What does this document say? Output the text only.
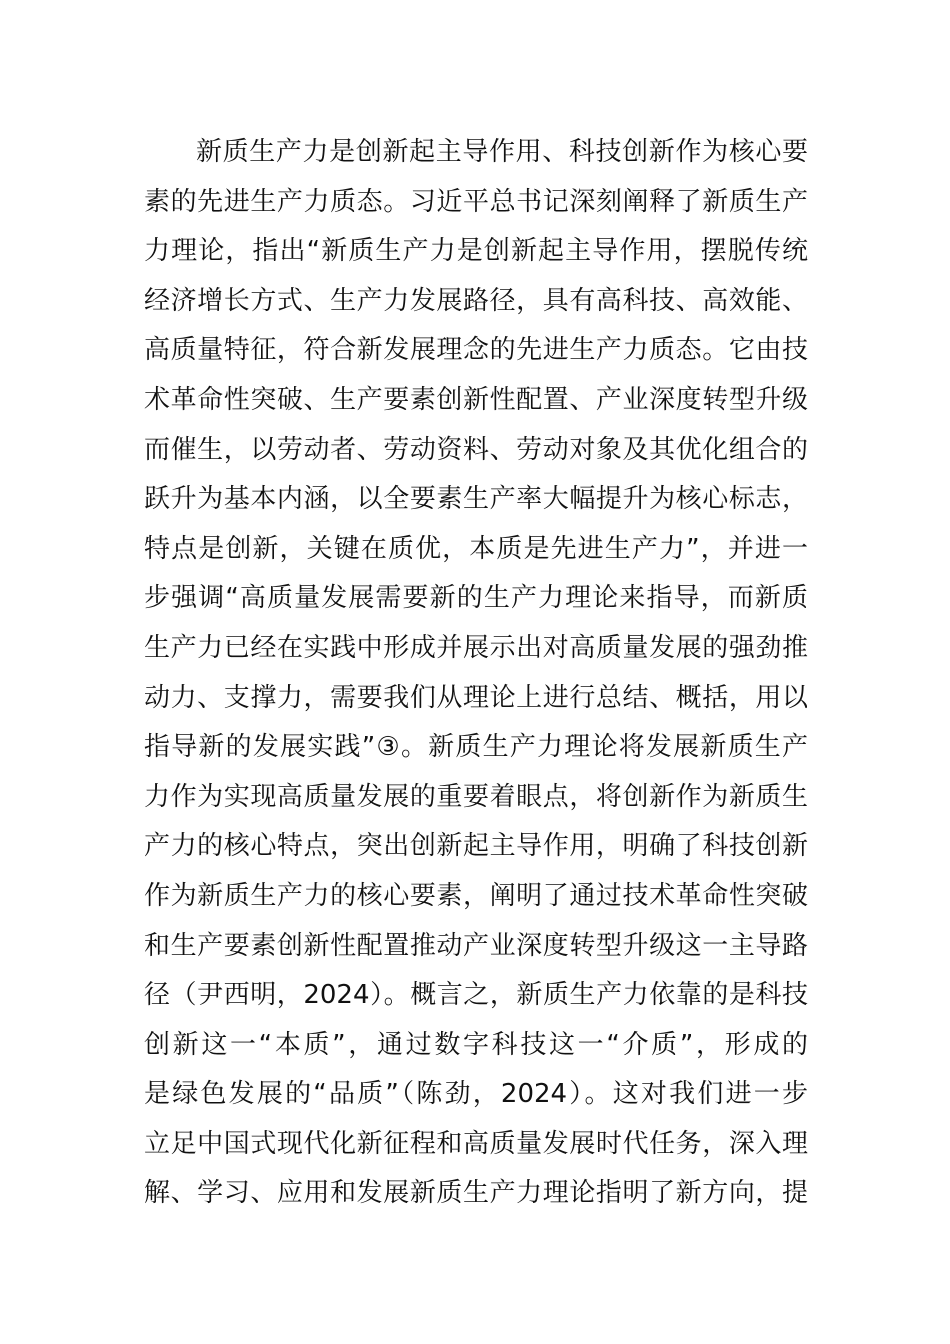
新质生产力是创新起主导作用、科技创新作为核心要
素的先进生产力质态。习近平总书记深刻阐释了新质生产
力理论，指出“新质生产力是创新起主导作用，摆脱传统
经济增长方式、生产力发展路径，具有高科技、高效能、
高质量特征，符合新发展理念的先进生产力质态。它由技
术革命性突破、生产要素创新性配置、产业深度转型升级
而催生，以劳动者、劳动资料、劳动对象及其优化组合的
跃升为基本内涵，以全要素生产率大幅提升为核心标志，
特点是创新，关键在质优，本质是先进生产力”，并进一
步强调“高质量发展需要新的生产力理论来指导，而新质
生产力已经在实践中形成并展示出对高质量发展的强劲推
动力、支撑力，需要我们从理论上进行总结、概括，用以
指导新的发展实践”③。新质生产力理论将发展新质生产
力作为实现高质量发展的重要着眼点，将创新作为新质生
产力的核心特点，突出创新起主导作用，明确了科技创新
作为新质生产力的核心要素，阐明了通过技术革命性突破
和生产要素创新性配置推动产业深度转型升级这一主导路
径（尹西明，2024）。概言之，新质生产力依靠的是科技
创新这一“本质”，通过数字科技这一“介质”，形成的
是绿色发展的“品质”（陈劲，2024）。这对我们进一步
立足中国式现代化新征程和高质量发展时代任务，深入理
解、学习、应用和发展新质生产力理论指明了新方向，提
